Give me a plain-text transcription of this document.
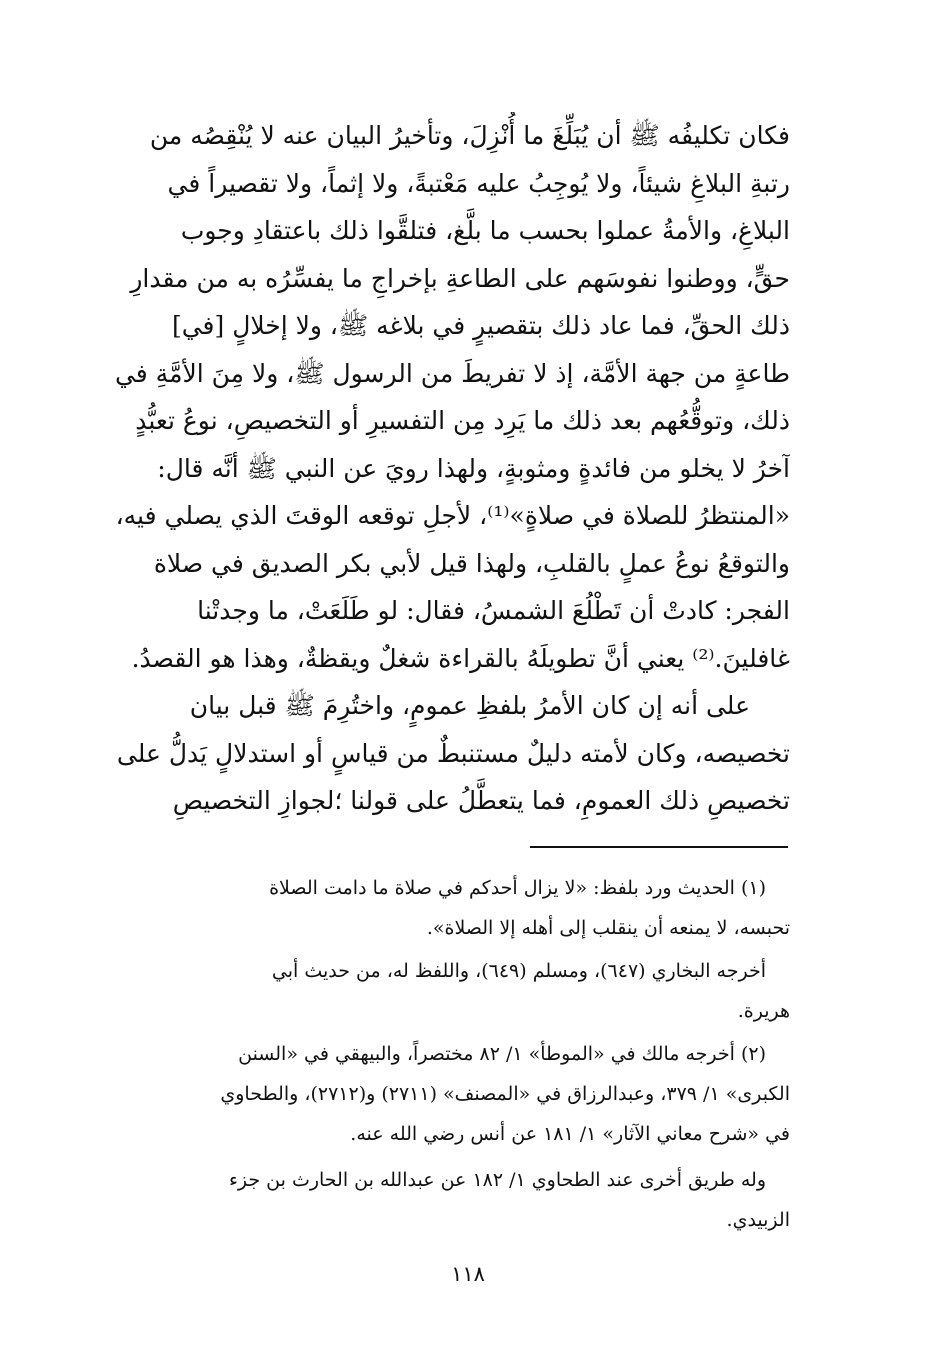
فكان تكليفُه ﷺ أن يُبَلِّغَ ما أُنْزِلَ، وتأخيرُ البيان عنه لا يُنْقِصُه من
رتبةِ البلاغِ شيئاً، ولا يُوجِبُ عليه مَعْتبةً، ولا إثماً، ولا تقصيراً في
البلاغِ، والأمةُ عملوا بحسب ما بلَّغ، فتلقَّوا ذلك باعتقادِ وجوب
حقٍّ، ووطنوا نفوسَهم على الطاعةِ بإخراجِ ما يفسِّرُه به من مقدارِ
ذلك الحقِّ، فما عاد ذلك بتقصيرٍ في بلاغه ﷺ، ولا إخلالٍ [في]
طاعةٍ من جهة الأمَّة، إذ لا تفريطَ من الرسول ﷺ، ولا مِنَ الأمَّةِ في
ذلك، وتوقُّعُهم بعد ذلك ما يَرِد مِن التفسيرِ أو التخصيصِ، نوعُ تعبُّدٍ
آخرُ لا يخلو من فائدةٍ ومثوبةٍ، ولهذا رويَ عن النبي ﷺ أنَّه قال:
«المنتظرُ للصلاة في صلاةٍ»⁽¹⁾، لأجلِ توقعه الوقتَ الذي يصلي فيه،
والتوقعُ نوعُ عملٍ بالقلبِ، ولهذا قيل لأبي بكر الصديق في صلاة
الفجر: كادتْ أن تَطْلُعَ الشمسُ، فقال: لو طَلَعَتْ، ما وجدتْنا
غافلينَ.⁽²⁾ يعني أنَّ تطويلَهُ بالقراءة شغلٌ ويقظةٌ، وهذا هو القصدُ.
على أنه إن كان الأمرُ بلفظِ عمومٍ، واختُرِمَ ﷺ قبل بيان
تخصيصه، وكان لأمته دليلٌ مستنبطٌ من قياسٍ أو استدلالٍ يَدلُّ على
تخصيصِ ذلك العمومِ، فما يتعطَّلُ على قولنا ؛لجوازِ التخصيصِ
(١) الحديث ورد بلفظ: «لا يزال أحدكم في صلاة ما دامت الصلاة
تحبسه، لا يمنعه أن ينقلب إلى أهله إلا الصلاة».
أخرجه البخاري (٦٤٧)، ومسلم (٦٤٩)، واللفظ له، من حديث أبي
هريرة.
(٢) أخرجه مالك في «الموطأ» ١/ ٨٢ مختصراً، والبيهقي في «السنن
الكبرى» ١/ ٣٧٩، وعبدالرزاق في «المصنف» (٢٧١١) و(٢٧١٢)، والطحاوي
في «شرح معاني الآثار» ١/ ١٨١ عن أنس رضي الله عنه.
وله طريق أخرى عند الطحاوي ١/ ١٨٢ عن عبدالله بن الحارث بن جزء
الزبيدي.
١١٨
